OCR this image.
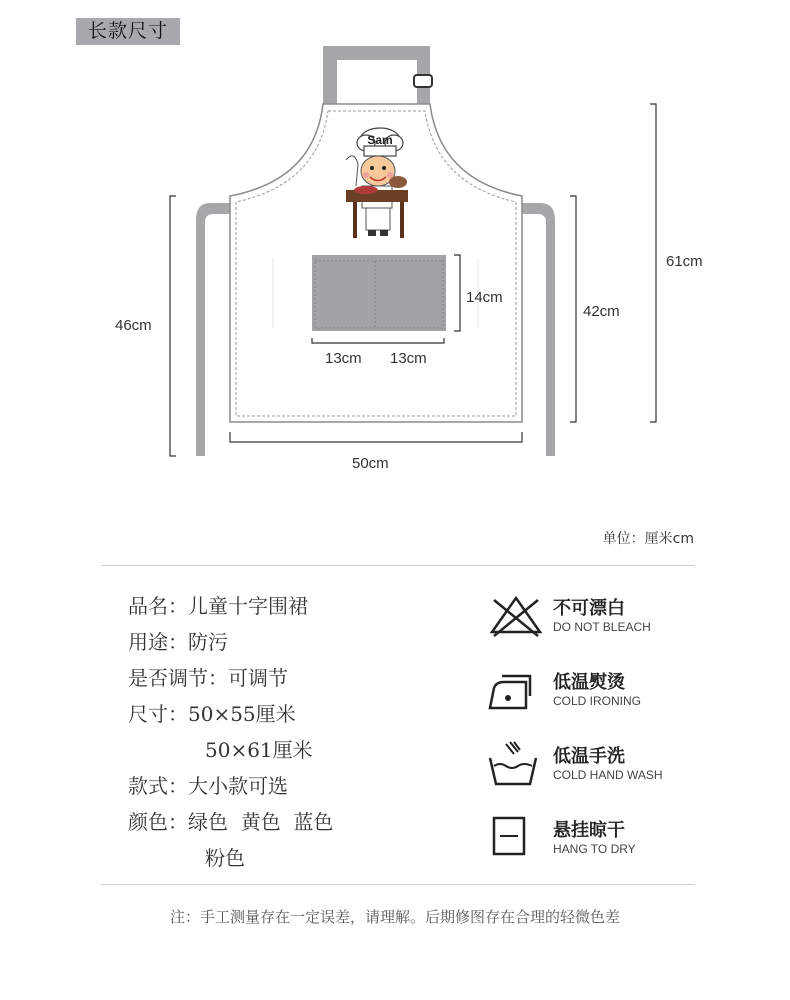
长款尺寸
Sam
61cm
46cm
42cm
50cm
14cm
13cm 13cm
单位：厘米cm
品名：儿童十字围裙
用途：防污
是否调节：可调节
尺寸：50×55厘米
50×61厘米
款式：大小款可选
颜色：绿色  黄色  蓝色
粉色
不可漂白
DO NOT BLEACH
低温熨烫
COLD IRONING
低温手洗
COLD HAND WASH
悬挂晾干
HANG TO DRY
注：手工测量存在一定误差，请理解。后期修图存在合理的轻微色差
